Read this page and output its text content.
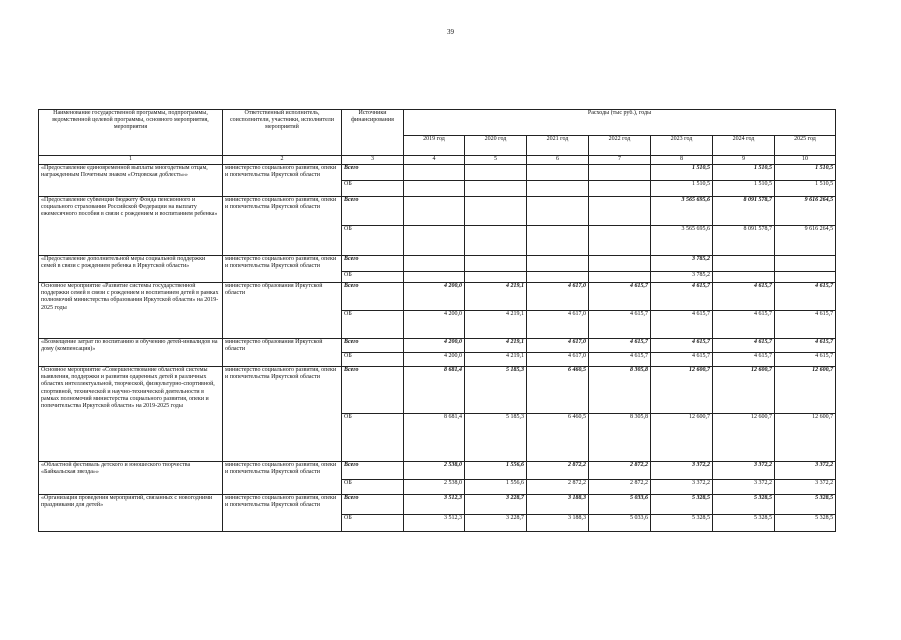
39
Наименование государственной программы, подпрограммы, ведомственной целевой программы, основного мероприятия, мероприятия	Ответственный исполнитель, соисполнители, участники, исполнители мероприятий	Источники финансирования	Расходы (тыс руб.), годы						
			2019 год	2020 год	2021 год	2022 год	2023 год	2024 год	2025 год
1	2	3	4	5	6	7	8	9	10
«Предоставление единовременной выплаты многодетным отцам, награжденным Почетным знаком «Отцовская доблесть»»	министерство социального развития, опеки и попечительства Иркутской области	Всего					1 510,5	1 510,5	1 510,5
		ОБ					1 510,5	1 510,5	1 510,5
«Предоставление субвенции бюджету Фонда пенсионного и социального страхования Российской Федерации на выплату ежемесячного пособия в связи с рождением и воспитанием ребенка»	министерство социального развития, опеки и попечительства Иркутской области	Всего					3 565 695,6	8 091 578,7	9 616 264,5
		ОБ					3 565 695,6	8 091 578,7	9 616 264,5
«Предоставление дополнительной меры социальной поддержки семей в связи с рождением ребенка в Иркутской области»	министерство социального развития, опеки и попечительства Иркутской области	Всего					3 785,2		
		ОБ					3 785,2		
Основное мероприятие «Развитие системы государственной поддержки семей в связи с рождением и воспитанием детей в рамках полномочий министерства образования Иркутской области» на 2019-2025 годы	министерство образования Иркутской области	Всего	4 200,0	4 219,1	4 617,0	4 615,7	4 615,7	4 615,7	4 615,7
		ОБ	4 200,0	4 219,1	4 617,0	4 615,7	4 615,7	4 615,7	4 615,7
«Возмещение затрат по воспитанию и обучению детей-инвалидов на дому (компенсация)»	министерство образования Иркутской области	Всего	4 200,0	4 219,1	4 617,0	4 615,7	4 615,7	4 615,7	4 615,7
		ОБ	4 200,0	4 219,1	4 617,0	4 615,7	4 615,7	4 615,7	4 615,7
Основное мероприятие «Совершенствование областной системы выявления, поддержки и развития одаренных детей в различных областях интеллектуальной, творческой, физкультурно-спортивной, спортивной, технической и научно-технической деятельности в рамках полномочий министерства социального развития, опеки и попечительства Иркутской области» на 2019-2025 годы	министерство социального развития, опеки и попечительства Иркутской области	Всего	8 681,4	5 185,3	6 460,5	8 305,8	12 600,7	12 600,7	12 600,7
		ОБ	8 681,4	5 185,3	6 460,5	8 305,8	12 600,7	12 600,7	12 600,7
«Областной фестиваль детского и юношеского творчества «Байкальская звезда»»	министерство социального развития, опеки и попечительства Иркутской области	Всего	2 538,0	1 556,6	2 872,2	2 872,2	3 372,2	3 372,2	3 372,2
		ОБ	2 538,0	1 556,6	2 872,2	2 872,2	3 372,2	3 372,2	3 372,2
«Организация проведения мероприятий, связанных с новогодними праздниками для детей»	министерство социального развития, опеки и попечительства Иркутской области	Всего	3 512,3	3 228,7	3 188,3	5 033,6	5 328,5	5 328,5	5 328,5
		ОБ	3 512,3	3 228,7	3 188,3	5 033,6	5 328,5	5 328,5	5 328,5
